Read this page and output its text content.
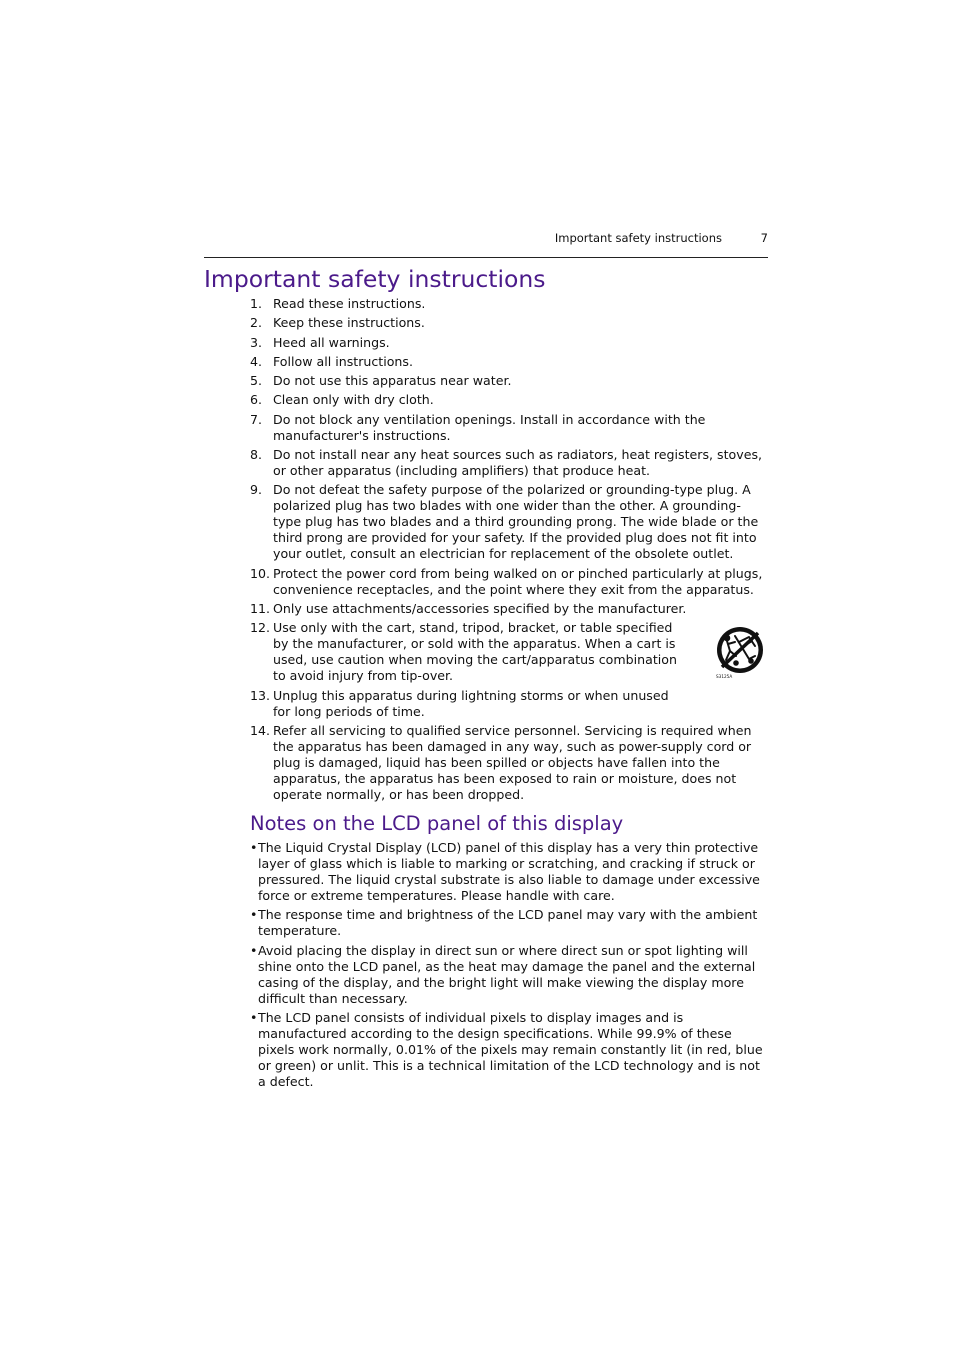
Important safety instructions	7
Important safety instructions
1. Read these instructions.
2. Keep these instructions.
3. Heed all warnings.
4. Follow all instructions.
5. Do not use this apparatus near water.
6. Clean only with dry cloth.
7. Do not block any ventilation openings. Install in accordance with the manufacturer's instructions.
8. Do not install near any heat sources such as radiators, heat registers, stoves, or other apparatus (including amplifiers) that produce heat.
9. Do not defeat the safety purpose of the polarized or grounding-type plug. A polarized plug has two blades with one wider than the other. A grounding-type plug has two blades and a third grounding prong. The wide blade or the third prong are provided for your safety. If the provided plug does not fit into your outlet, consult an electrician for replacement of the obsolete outlet.
10. Protect the power cord from being walked on or pinched particularly at plugs, convenience receptacles, and the point where they exit from the apparatus.
11. Only use attachments/accessories specified by the manufacturer.
12. Use only with the cart, stand, tripod, bracket, or table specified by the manufacturer, or sold with the apparatus. When a cart is used, use caution when moving the cart/apparatus combination to avoid injury from tip-over.
13. Unplug this apparatus during lightning storms or when unused for long periods of time.
14. Refer all servicing to qualified service personnel. Servicing is required when the apparatus has been damaged in any way, such as power-supply cord or plug is damaged, liquid has been spilled or objects have fallen into the apparatus, the apparatus has been exposed to rain or moisture, does not operate normally, or has been dropped.
S3125A
Notes on the LCD panel of this display
• The Liquid Crystal Display (LCD) panel of this display has a very thin protective layer of glass which is liable to marking or scratching, and cracking if struck or pressured. The liquid crystal substrate is also liable to damage under excessive force or extreme temperatures. Please handle with care.
• The response time and brightness of the LCD panel may vary with the ambient temperature.
• Avoid placing the display in direct sun or where direct sun or spot lighting will shine onto the LCD panel, as the heat may damage the panel and the external casing of the display, and the bright light will make viewing the display more difficult than necessary.
• The LCD panel consists of individual pixels to display images and is manufactured according to the design specifications. While 99.9% of these pixels work normally, 0.01% of the pixels may remain constantly lit (in red, blue or green) or unlit. This is a technical limitation of the LCD technology and is not a defect.
